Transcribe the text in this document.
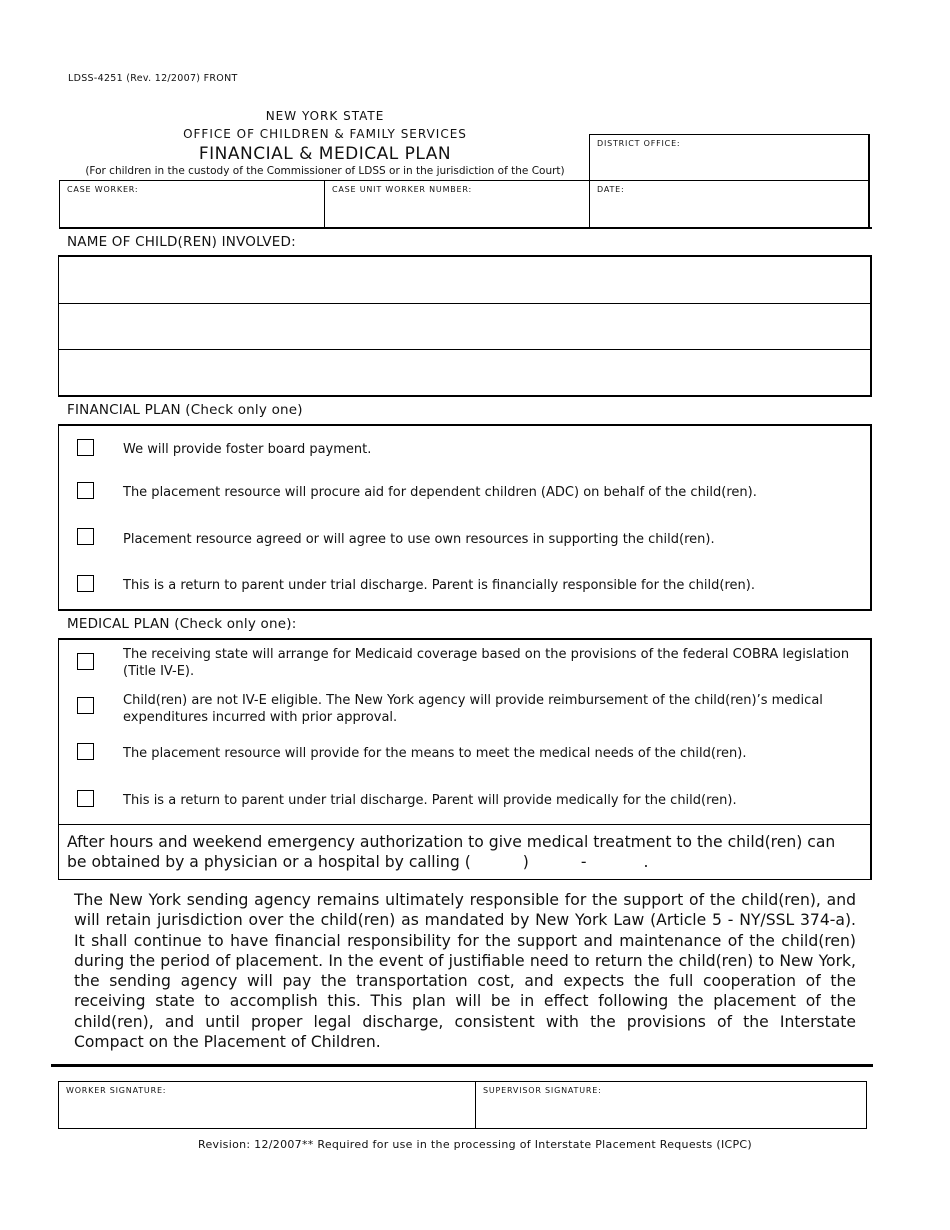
LDSS-4251 (Rev. 12/2007) FRONT
NEW YORK STATE
OFFICE OF CHILDREN & FAMILY SERVICES
FINANCIAL & MEDICAL PLAN
(For children in the custody of the Commissioner of LDSS or in the jurisdiction of the Court)
DISTRICT OFFICE:
CASE WORKER:	CASE UNIT WORKER NUMBER:	DATE:
NAME OF CHILD(REN) INVOLVED:
FINANCIAL PLAN (Check only one)
We will provide foster board payment.
The placement resource will procure aid for dependent children (ADC) on behalf of the child(ren).
Placement resource agreed or will agree to use own resources in supporting the child(ren).
This is a return to parent under trial discharge. Parent is financially responsible for the child(ren).
MEDICAL PLAN (Check only one):
The receiving state will arrange for Medicaid coverage based on the provisions of the federal COBRA legislation (Title IV-E).
Child(ren) are not IV-E eligible. The New York agency will provide reimbursement of the child(ren)’s medical expenditures incurred with prior approval.
The placement resource will provide for the means to meet the medical needs of the child(ren).
This is a return to parent under trial discharge. Parent will provide medically for the child(ren).
After hours and weekend emergency authorization to give medical treatment to the child(ren) can
be obtained by a physician or a hospital by calling (	)	-	.
The New York sending agency remains ultimately responsible for the support of the child(ren), and will retain jurisdiction over the child(ren) as mandated by New York Law (Article 5 - NY/SSL 374-a). It shall continue to have financial responsibility for the support and maintenance of the child(ren) during the period of placement. In the event of justifiable need to return the child(ren) to New York, the sending agency will pay the transportation cost, and expects the full cooperation of the receiving state to accomplish this. This plan will be in effect following the placement of the child(ren), and until proper legal discharge, consistent with the provisions of the Interstate Compact on the Placement of Children.
WORKER SIGNATURE:	SUPERVISOR SIGNATURE:
Revision: 12/2007** Required for use in the processing of Interstate Placement Requests (ICPC)
